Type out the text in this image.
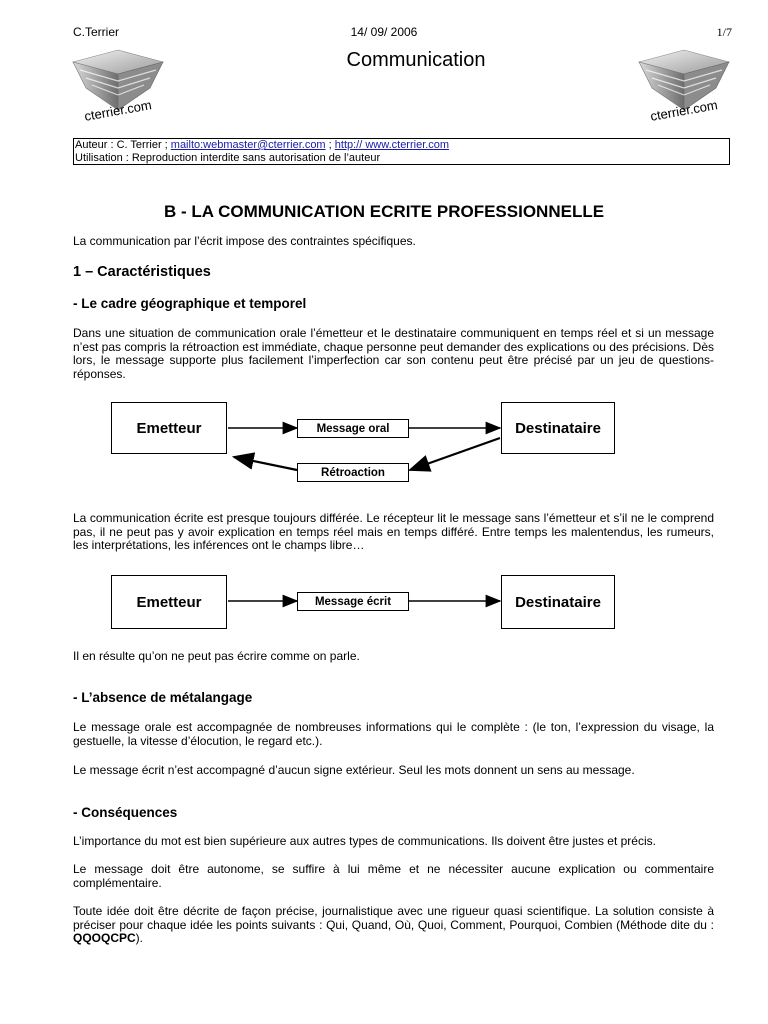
C.Terrier	14/ 09/ 2006	1/7
Communication
cterrier.com	cterrier.com
Auteur : C. Terrier ; mailto:webmaster@cterrier.com ; http:// www.cterrier.com
Utilisation : Reproduction interdite sans autorisation de l’auteur
B - LA COMMUNICATION ECRITE PROFESSIONNELLE

La communication par l’écrit impose des contraintes spécifiques.

1 – Caractéristiques
- Le cadre géographique et temporel

Dans une situation de communication orale l’émetteur et le destinataire communiquent en temps réel et si un message n’est pas compris la rétroaction est immédiate, chaque personne peut demander des explications ou des précisions. Dès lors, le message supporte plus facilement l’imperfection car son contenu peut être précisé par un jeu de questions-réponses.

Emetteur	Message oral	Destinataire
Rétroaction

La communication écrite est presque toujours différée. Le récepteur lit le message sans l’émetteur et s’il ne le comprend pas, il ne peut pas y avoir explication en temps réel mais en temps différé. Entre temps les malentendus, les rumeurs, les interprétations, les inférences ont le champs libre…

Emetteur	Message écrit	Destinataire

Il en résulte qu’on ne peut pas écrire comme on parle.

- L’absence de métalangage

Le message orale est accompagnée de nombreuses informations qui le complète : (le ton, l’expression du visage, la gestuelle, la vitesse d’élocution, le regard etc.).

Le message écrit n’est accompagné d’aucun signe extérieur. Seul les mots donnent un sens au message.

- Conséquences

L’importance du mot est bien supérieure aux autres types de communications. Ils doivent être justes et précis.

Le message doit être autonome, se suffire à lui même et ne nécessiter aucune explication ou commentaire complémentaire.

Toute idée doit être décrite de façon précise, journalistique avec une rigueur quasi scientifique. La solution consiste à préciser pour chaque idée les points suivants : Qui, Quand, Où, Quoi, Comment, Pourquoi, Combien (Méthode dite du : QQOQCPC).
